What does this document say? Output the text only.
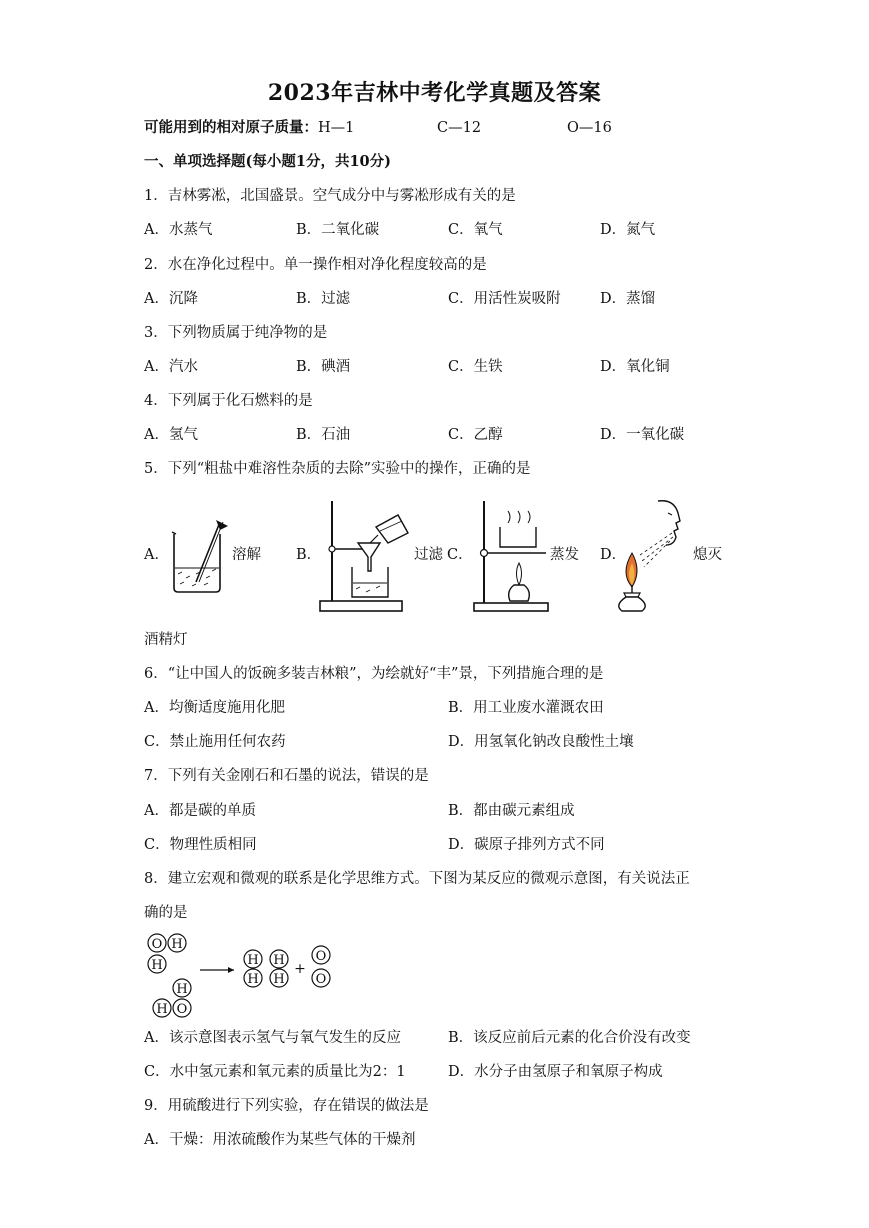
2023年吉林中考化学真题及答案
可能用到的相对原子质量：H—1	C—12	O—16
一、单项选择题(每小题1分，共10分)
1．吉林雾凇，北国盛景。空气成分中与雾凇形成有关的是
A．水蒸气	B．二氧化碳	C．氧气	D．氮气
2．水在净化过程中。单一操作相对净化程度较高的是
A．沉降	B．过滤	C．用活性炭吸附	D．蒸馏
3．下列物质属于纯净物的是
A．汽水	B．碘酒	C．生铁	D．氧化铜
4．下列属于化石燃料的是
A．氢气	B．石油	C．乙醇	D．一氧化碳
5．下列“粗盐中难溶性杂质的去除”实验中的操作，正确的是
A．	溶解 B．	过滤 C．	蒸发 D．	熄灭
酒精灯
6．“让中国人的饭碗多装吉林粮”，为绘就好“丰”景，下列措施合理的是
A．均衡适度施用化肥	B．用工业废水灌溉农田
C．禁止施用任何农药	D．用氢氧化钠改良酸性土壤
7．下列有关金刚石和石墨的说法，错误的是
A．都是碳的单质	B．都由碳元素组成
C．物理性质相同	D．碳原子排列方式不同
8．建立宏观和微观的联系是化学思维方式。下图为某反应的微观示意图，有关说法正
确的是
O H
H
H
H O
H
H
H
H
+
O
O
A．该示意图表示氢气与氧气发生的反应	B．该反应前后元素的化合价没有改变
C．水中氢元素和氧元素的质量比为2：1	D．水分子由氢原子和氧原子构成
9．用硫酸进行下列实验，存在错误的做法是
A．干燥：用浓硫酸作为某些气体的干燥剂
